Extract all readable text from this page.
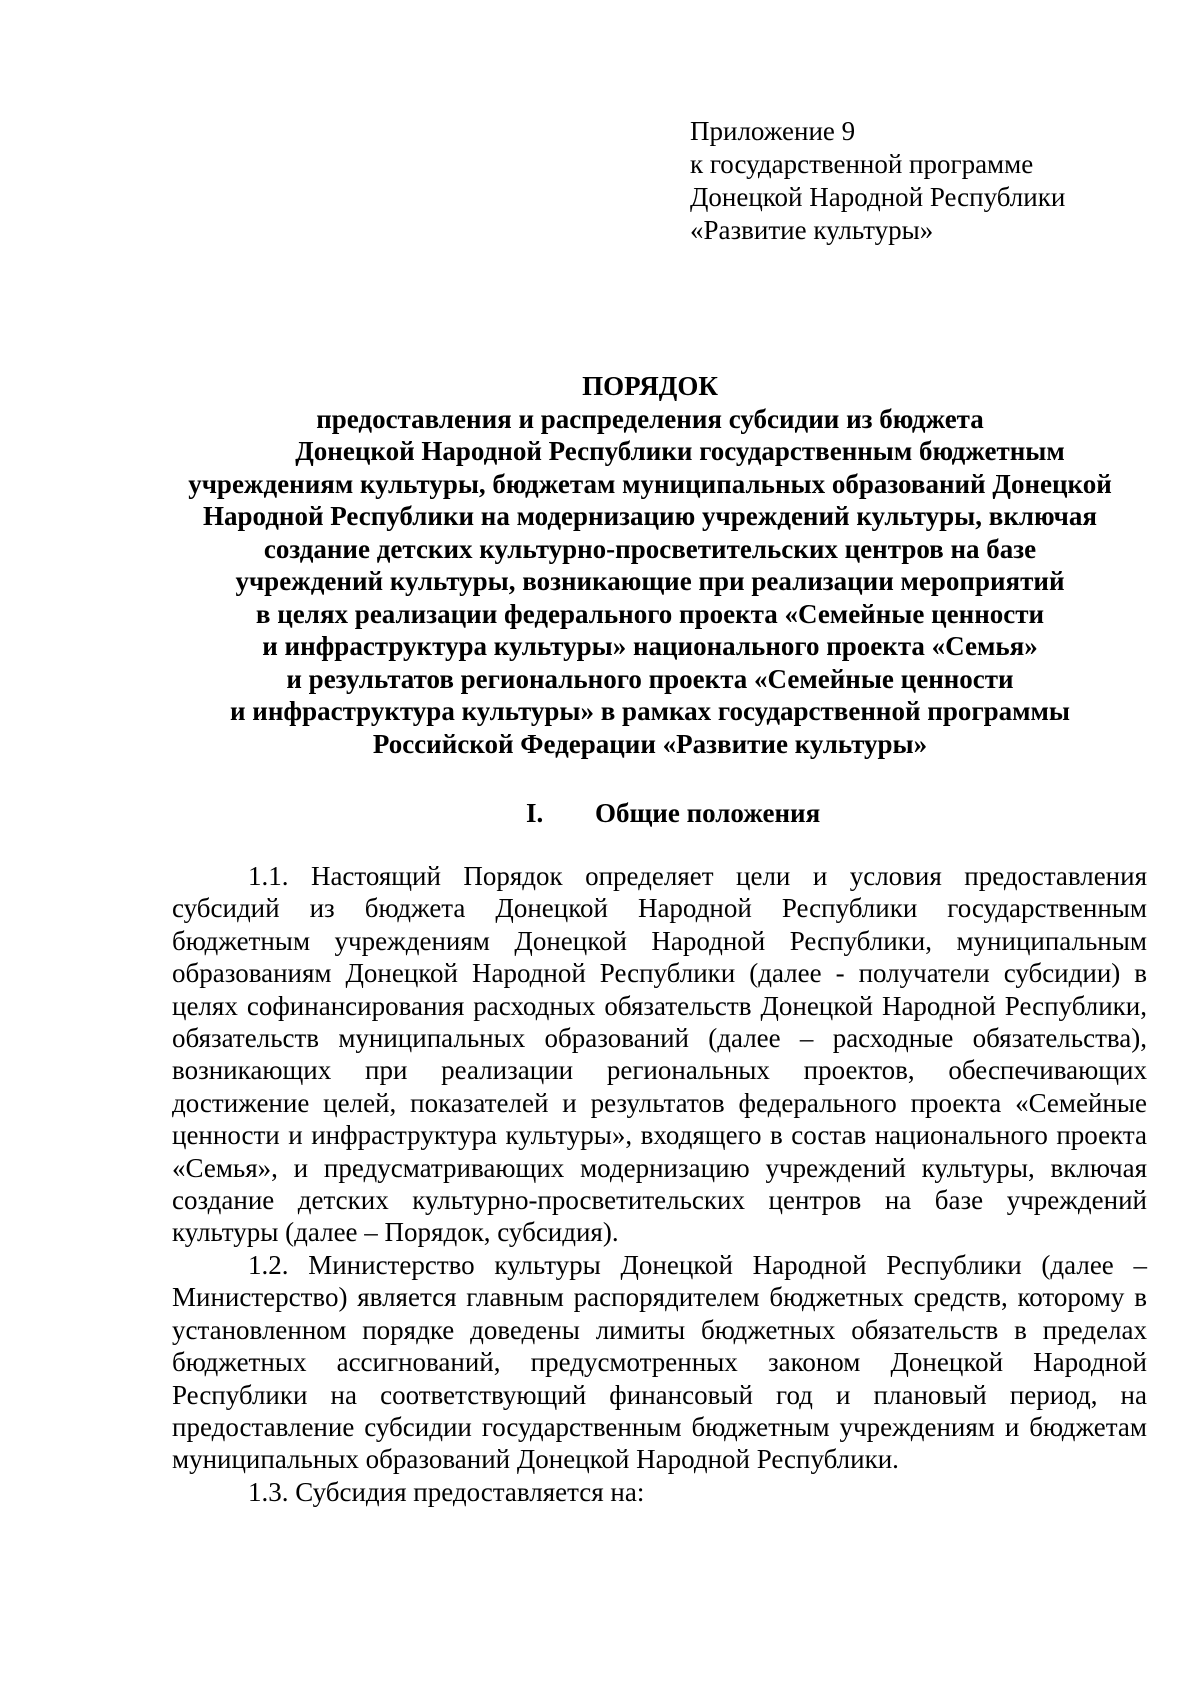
Приложение 9
к государственной программе
Донецкой Народной Республики
«Развитие культуры»
ПОРЯДОК
предоставления и распределения субсидии из бюджета
Донецкой Народной Республики государственным бюджетным
учреждениям культуры, бюджетам муниципальных образований Донецкой
Народной Республики на модернизацию учреждений культуры, включая
создание детских культурно-просветительских центров на базе
учреждений культуры, возникающие при реализации мероприятий
в целях реализации федерального проекта «Семейные ценности
и инфраструктура культуры» национального проекта «Семья»
и результатов регионального проекта «Семейные ценности
и инфраструктура культуры» в рамках государственной программы
Российской Федерации «Развитие культуры»
I. Общие положения

1.1. Настоящий Порядок определяет цели и условия предоставления субсидий из бюджета Донецкой Народной Республики государственным бюджетным учреждениям Донецкой Народной Республики, муниципальным образованиям Донецкой Народной Республики (далее - получатели субсидии) в целях софинансирования расходных обязательств Донецкой Народной Республики, обязательств муниципальных образований (далее – расходные обязательства), возникающих при реализации региональных проектов, обеспечивающих достижение целей, показателей и результатов федерального проекта «Семейные ценности и инфраструктура культуры», входящего в состав национального проекта «Семья», и предусматривающих модернизацию учреждений культуры, включая создание детских культурно-просветительских центров на базе учреждений культуры (далее – Порядок, субсидия).

1.2. Министерство культуры Донецкой Народной Республики (далее – Министерство) является главным распорядителем бюджетных средств, которому в установленном порядке доведены лимиты бюджетных обязательств в пределах бюджетных ассигнований, предусмотренных законом Донецкой Народной Республики на соответствующий финансовый год и плановый период, на предоставление субсидии государственным бюджетным учреждениям и бюджетам муниципальных образований Донецкой Народной Республики.

1.3. Субсидия предоставляется на:
